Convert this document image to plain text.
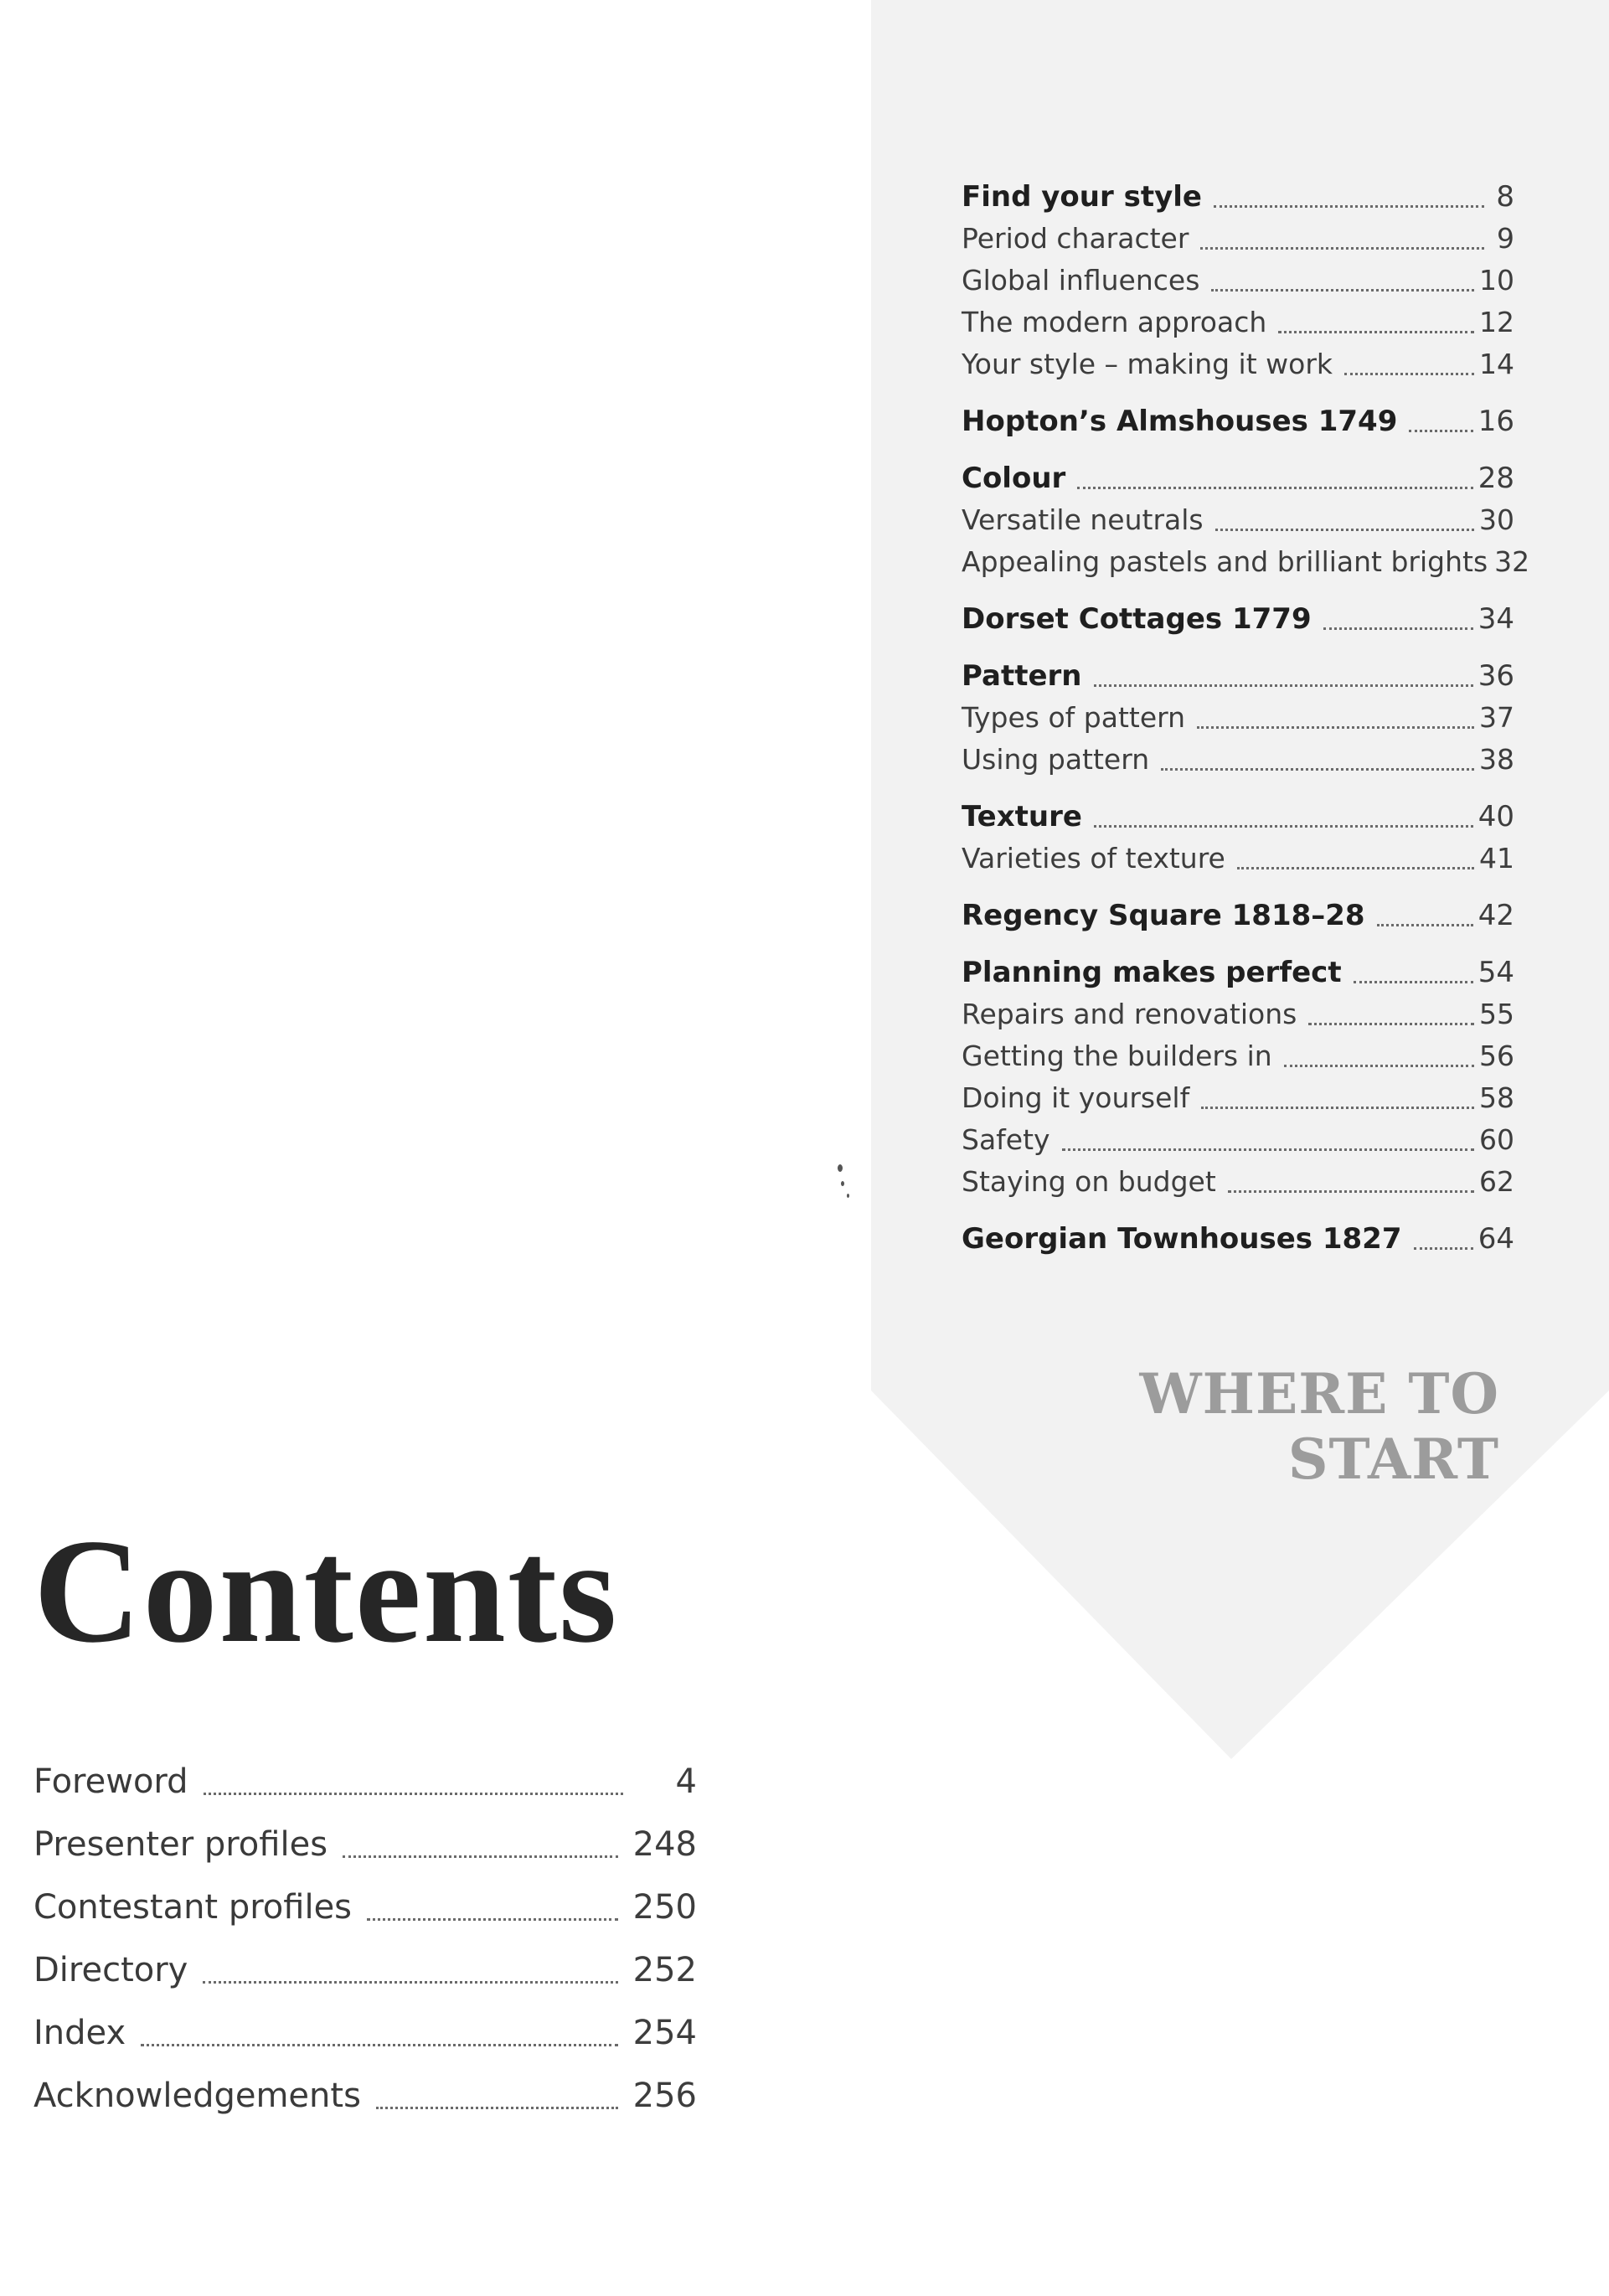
Find your style	8
Period character	9
Global influences	10
The modern approach	12
Your style – making it work	14
Hopton’s Almshouses 1749	16
Colour	28
Versatile neutrals	30
Appealing pastels and brilliant brights 32
Dorset Cottages 1779	34
Pattern	36
Types of pattern	37
Using pattern	38
Texture	40
Varieties of texture	41
Regency Square 1818–28	42
Planning makes perfect	54
Repairs and renovations	55
Getting the builders in	56
Doing it yourself	58
Safety	60
Staying on budget	62
Georgian Townhouses 1827	64
WHERE TO START
Contents
Foreword	4
Presenter profiles	248
Contestant profiles	250
Directory	252
Index	254
Acknowledgements	256
